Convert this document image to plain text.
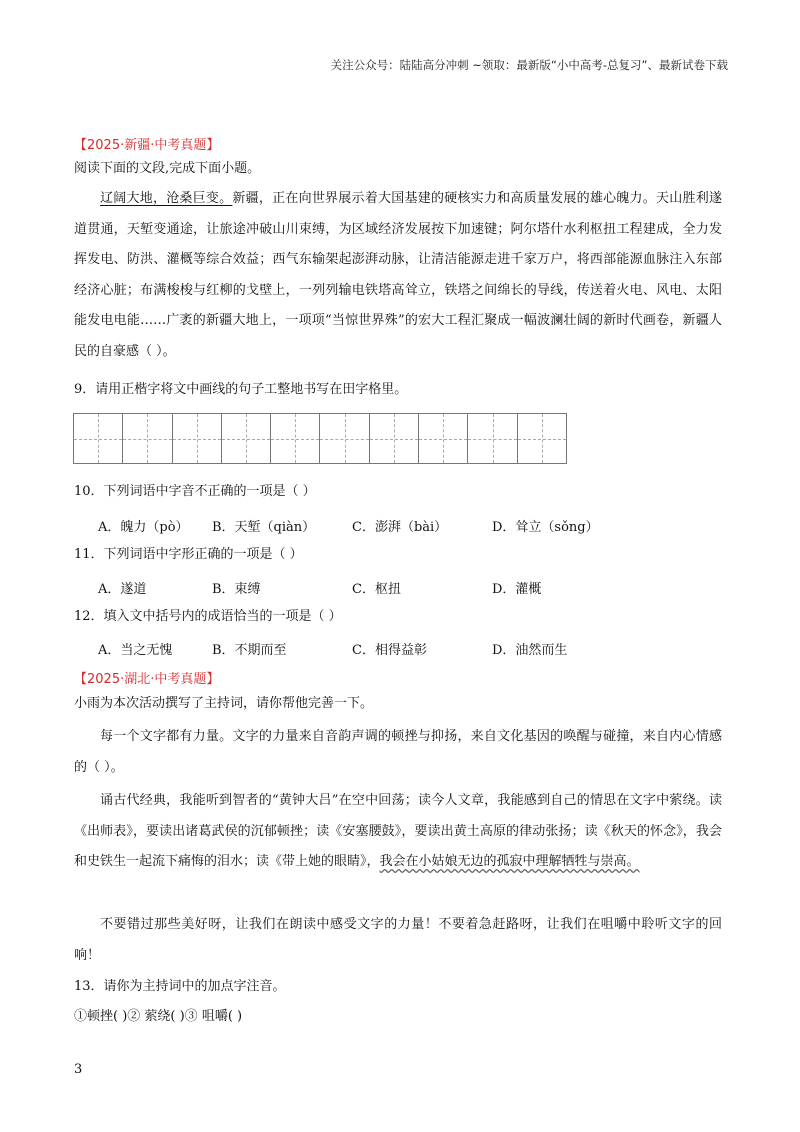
关注公众号：陆陆高分冲刺 ~领取：最新版“小中高考-总复习”、最新试卷下载
【2025·新疆·中考真题】
阅读下面的文段,完成下面小题。
辽阔大地，沧桑巨变。新疆，正在向世界展示着大国基建的硬核实力和高质量发展的雄心魄力。天山胜利遂道贯通，天堑变通途，让旅途冲破山川束缚，为区域经济发展按下加速键；阿尔塔什水利枢扭工程建成，全力发挥发电、防洪、灌概等综合效益；西气东输架起澎湃动脉，让清洁能源走进千家万户，将西部能源血脉注入东部经济心脏；布满梭梭与红柳的戈壁上，一列列输电铁塔高耸立，铁塔之间绵长的导线，传送着火电、风电、太阳能发电电能……广袤的新疆大地上，一项项“当惊世界殊”的宏大工程汇聚成一幅波澜壮阔的新时代画卷，新疆人民的自豪感（ ）。
9．请用正楷字将文中画线的句子工整地书写在田字格里。
10．下列词语中字音不正确的一项是（ ）
A．魄力（pò） B．天堑（qiàn）	C．澎湃（bài）	D．耸立（sǒng）
11．下列词语中字形正确的一项是（ ）
A．遂道	B．束缚	C．枢扭	D．灌概
12．填入文中括号内的成语恰当的一项是（ ）
A．当之无愧	B．不期而至	C．相得益彰	D．油然而生
【2025·湖北·中考真题】
小雨为本次活动撰写了主持词，请你帮他完善一下。
每一个文字都有力量。文字的力量来自音韵声调的顿挫与抑扬，来自文化基因的唤醒与碰撞，来自内心情感的（ ）。
诵古代经典，我能听到智者的“黄钟大吕”在空中回荡；读今人文章，我能感到自己的情思在文字中萦绕。读《出师表》，要读出诸葛武侯的沉郁顿挫；读《安塞腰鼓》，要读出黄土高原的律动张扬；读《秋天的怀念》，我会和史铁生一起流下痛悔的泪水；读《带上她的眼睛》，我会在小姑娘无边的孤寂中理解牺牲与崇高。
不要错过那些美好呀，让我们在朗读中感受文字的力量！不要着急赶路呀，让我们在咀嚼中聆听文字的回响！
13．请你为主持词中的加点字注音。
①顿挫( )② 萦绕( )③ 咀嚼( )
3
